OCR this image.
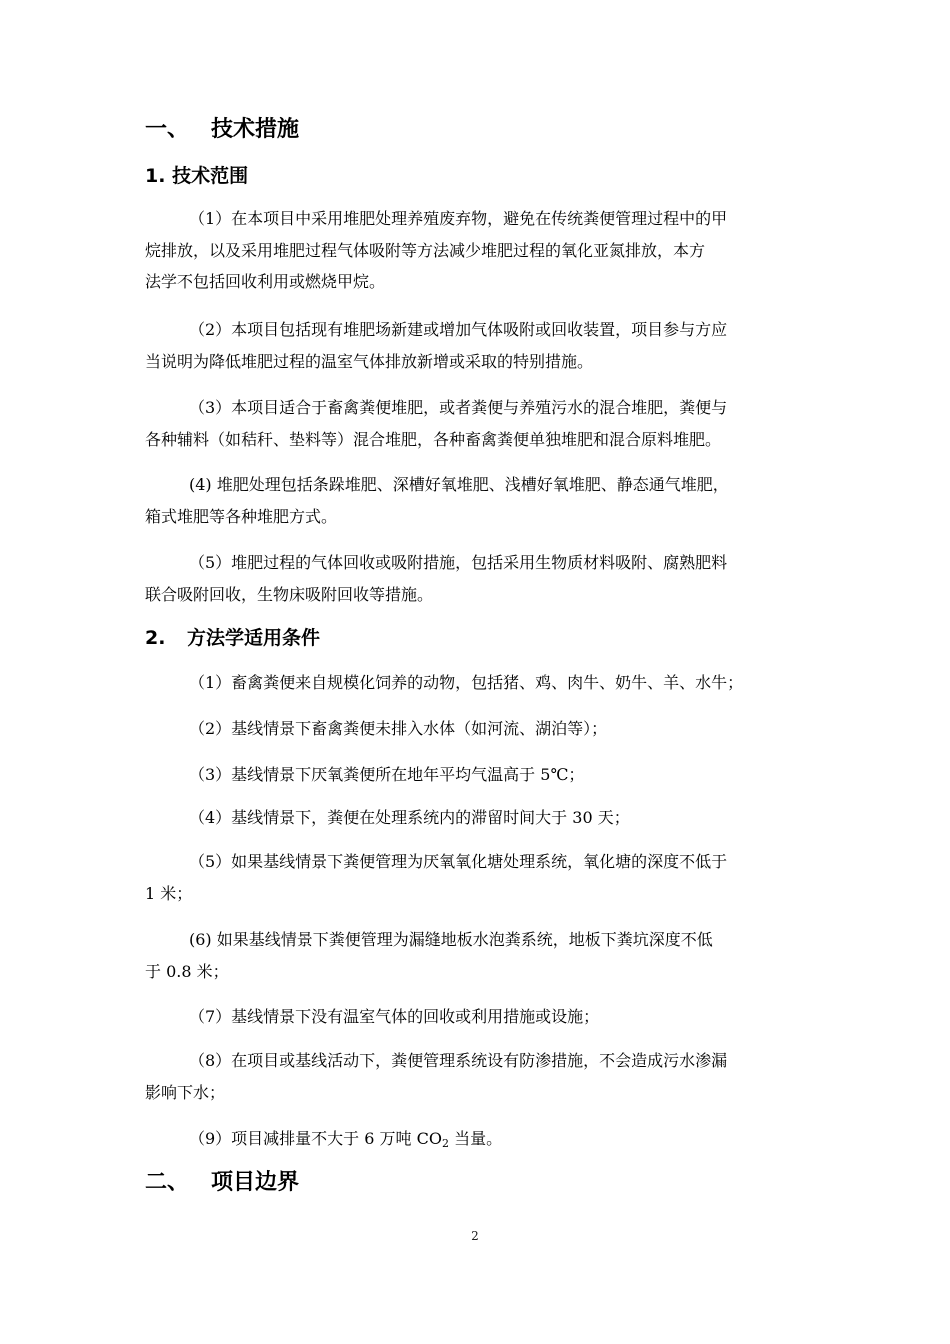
一、 技术措施
1. 技术范围
（1）在本项目中采用堆肥处理养殖废弃物，避免在传统粪便管理过程中的甲
烷排放，以及采用堆肥过程气体吸附等方法减少堆肥过程的氧化亚氮排放，本方
法学不包括回收利用或燃烧甲烷。
（2）本项目包括现有堆肥场新建或增加气体吸附或回收装置，项目参与方应
当说明为降低堆肥过程的温室气体排放新增或采取的特别措施。
（3）本项目适合于畜禽粪便堆肥，或者粪便与养殖污水的混合堆肥，粪便与
各种辅料（如秸秆、垫料等）混合堆肥，各种畜禽粪便单独堆肥和混合原料堆肥。
(4) 堆肥处理包括条跺堆肥、深槽好氧堆肥、浅槽好氧堆肥、静态通气堆肥，
箱式堆肥等各种堆肥方式。
（5）堆肥过程的气体回收或吸附措施，包括采用生物质材料吸附、腐熟肥料
联合吸附回收，生物床吸附回收等措施。
2. 方法学适用条件
（1）畜禽粪便来自规模化饲养的动物，包括猪、鸡、肉牛、奶牛、羊、水牛；
（2）基线情景下畜禽粪便未排入水体（如河流、湖泊等）；
（3）基线情景下厌氧粪便所在地年平均气温高于 5℃；
（4）基线情景下，粪便在处理系统内的滞留时间大于 30 天；
（5）如果基线情景下粪便管理为厌氧氧化塘处理系统，氧化塘的深度不低于
1 米；
(6) 如果基线情景下粪便管理为漏缝地板水泡粪系统，地板下粪坑深度不低
于 0.8 米；
（7）基线情景下没有温室气体的回收或利用措施或设施；
（8）在项目或基线活动下，粪便管理系统设有防渗措施，不会造成污水渗漏
影响下水；
（9）项目减排量不大于 6 万吨 $CO_2$ 当量。
二、 项目边界
2
